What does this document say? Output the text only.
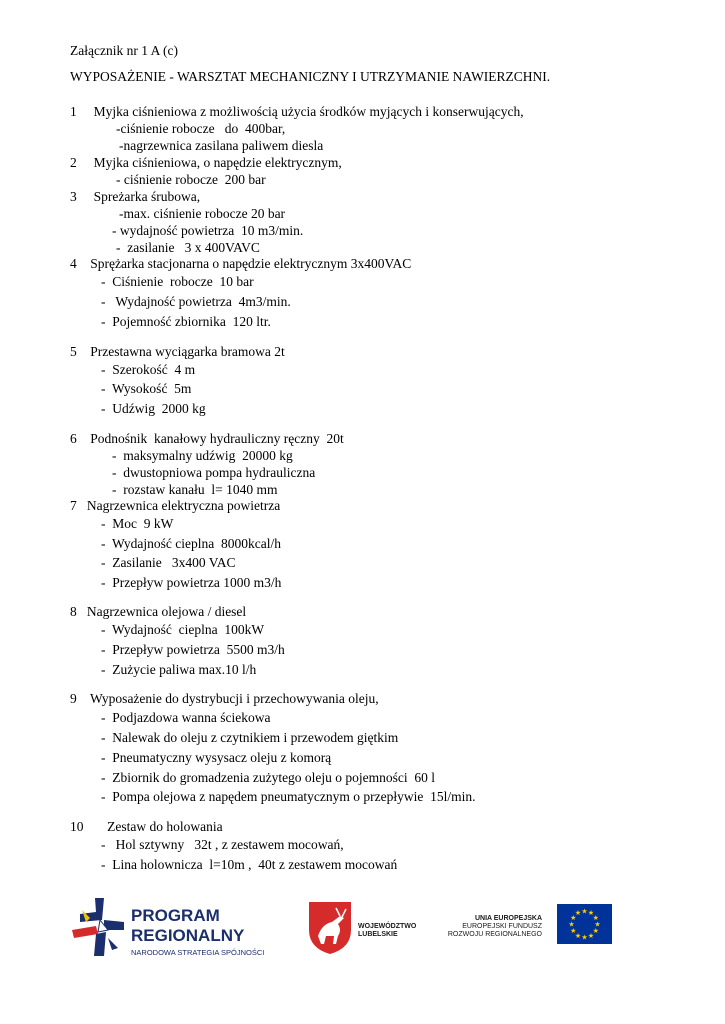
Załącznik nr 1 A (c)
WYPOSAŻENIE - WARSZTAT MECHANICZNY I UTRZYMANIE NAWIERZCHNI.
1     Myjka ciśnieniowa z możliwością użycia środków myjących i konserwujących,
-ciśnienie robocze   do  400bar,
-nagrzewnica zasilana paliwem diesla
2     Myjka ciśnieniowa, o napędzie elektrycznym,
- ciśnienie robocze  200 bar
3     Spreżarka śrubowa,
-max. ciśnienie robocze 20 bar
- wydajność powietrza  10 m3/min.
-  zasilanie   3 x 400VAVC
4    Sprężarka stacjonarna o napędzie elektrycznym 3x400VAC
-  Ciśnienie  robocze  10 bar
-   Wydajność powietrza  4m3/min.
-  Pojemność zbiornika  120 ltr.
5    Przestawna wyciągarka bramowa 2t
-  Szerokość  4 m
-  Wysokość  5m
-  Udźwig  2000 kg
6    Podnośnik  kanałowy hydrauliczny ręczny  20t
-  maksymalny udźwig  20000 kg
-  dwustopniowa pompa hydrauliczna
-  rozstaw kanału  l= 1040 mm
7   Nagrzewnica elektryczna powietrza
-  Moc  9 kW
-  Wydajność cieplna  8000kcal/h
-  Zasilanie   3x400 VAC
-  Przepływ powietrza 1000 m3/h
8   Nagrzewnica olejowa / diesel
-  Wydajność  cieplna  100kW
-  Przepływ powietrza  5500 m3/h
-  Zużycie paliwa max.10 l/h
9    Wyposażenie do dystrybucji i przechowywania oleju,
-  Podjazdowa wanna ściekowa
-  Nalewak do oleju z czytnikiem i przewodem giętkim
-  Pneumatyczny wysysacz oleju z komorą
-  Zbiornik do gromadzenia zużytego oleju o pojemności  60 l
-  Pompa olejowa z napędem pneumatycznym o przepływie  15l/min.
10       Zestaw do holowania
-   Hol sztywny   32t , z zestawem mocowań,
-  Lina holownicza  l=10m ,  40t z zestawem mocowań
PROGRAM
REGIONALNY
NARODOWA STRATEGIA SPÓJNOŚCI
WOJEWÓDZTWO
LUBELSKIE
UNIA EUROPEJSKA
EUROPEJSKI FUNDUSZ
ROZWOJU REGIONALNEGO
★ ★
★
★
★
★
★
★
★
★
★
★
